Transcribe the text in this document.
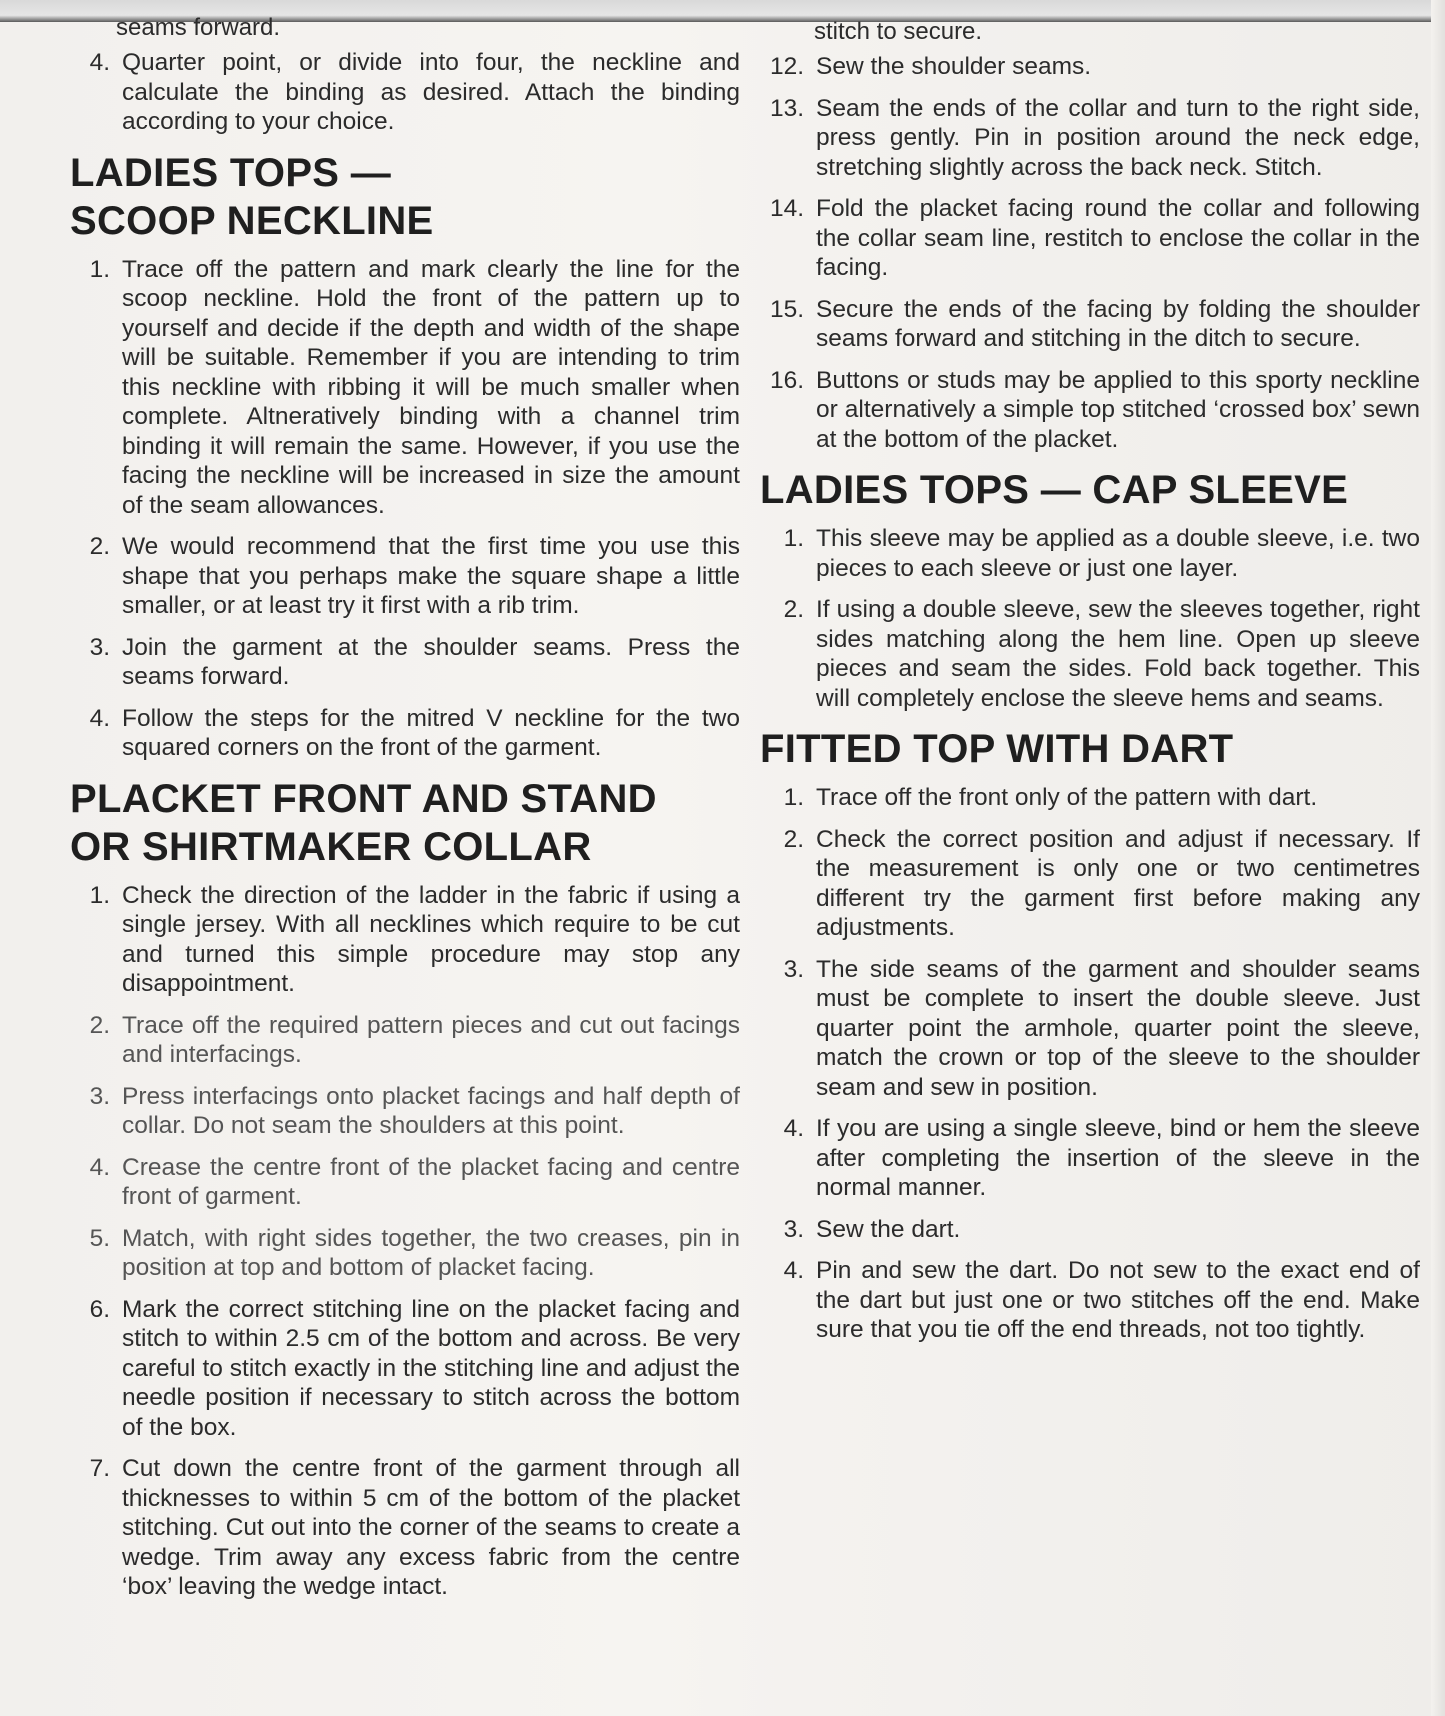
seams forward.

4. Quarter point, or divide into four, the neckline and calculate the binding as desired. Attach the binding according to your choice.
LADIES TOPS —
SCOOP NECKLINE
1. Trace off the pattern and mark clearly the line for the scoop neckline. Hold the front of the pattern up to yourself and decide if the depth and width of the shape will be suitable. Remember if you are intending to trim this neckline with ribbing it will be much smaller when complete. Altneratively binding with a channel trim binding it will remain the same. However, if you use the facing the neckline will be increased in size the amount of the seam allowances.
2. We would recommend that the first time you use this shape that you perhaps make the square shape a little smaller, or at least try it first with a rib trim.
3. Join the garment at the shoulder seams. Press the seams forward.
4. Follow the steps for the mitred V neckline for the two squared corners on the front of the garment.
PLACKET FRONT AND STAND
OR SHIRTMAKER COLLAR
1. Check the direction of the ladder in the fabric if using a single jersey. With all necklines which require to be cut and turned this simple procedure may stop any disappointment.
2. Trace off the required pattern pieces and cut out facings and interfacings.
3. Press interfacings onto placket facings and half depth of collar. Do not seam the shoulders at this point.
4. Crease the centre front of the placket facing and centre front of garment.
5. Match, with right sides together, the two creases, pin in position at top and bottom of placket facing.
6. Mark the correct stitching line on the placket facing and stitch to within 2.5 cm of the bottom and across. Be very careful to stitch exactly in the stitching line and adjust the needle position if necessary to stitch across the bottom of the box.
7. Cut down the centre front of the garment through all thicknesses to within 5 cm of the bottom of the placket stitching. Cut out into the corner of the seams to create a wedge. Trim away any excess fabric from the centre ‘box’ leaving the wedge intact.

stitch to secure.

12. Sew the shoulder seams.
13. Seam the ends of the collar and turn to the right side, press gently. Pin in position around the neck edge, stretching slightly across the back neck. Stitch.
14. Fold the placket facing round the collar and following the collar seam line, restitch to enclose the collar in the facing.
15. Secure the ends of the facing by folding the shoulder seams forward and stitching in the ditch to secure.
16. Buttons or studs may be applied to this sporty neckline or alternatively a simple top stitched ‘crossed box’ sewn at the bottom of the placket.
LADIES TOPS — CAP SLEEVE
1. This sleeve may be applied as a double sleeve, i.e. two pieces to each sleeve or just one layer.
2. If using a double sleeve, sew the sleeves together, right sides matching along the hem line. Open up sleeve pieces and seam the sides. Fold back together. This will completely enclose the sleeve hems and seams.
FITTED TOP WITH DART
1. Trace off the front only of the pattern with dart.
2. Check the correct position and adjust if necessary. If the measurement is only one or two centimetres different try the garment first before making any adjustments.
3. The side seams of the garment and shoulder seams must be complete to insert the double sleeve. Just quarter point the armhole, quarter point the sleeve, match the crown or top of the sleeve to the shoulder seam and sew in position.
4. If you are using a single sleeve, bind or hem the sleeve after completing the insertion of the sleeve in the normal manner.
3. Sew the dart.
4. Pin and sew the dart. Do not sew to the exact end of the dart but just one or two stitches off the end. Make sure that you tie off the end threads, not too tightly.
